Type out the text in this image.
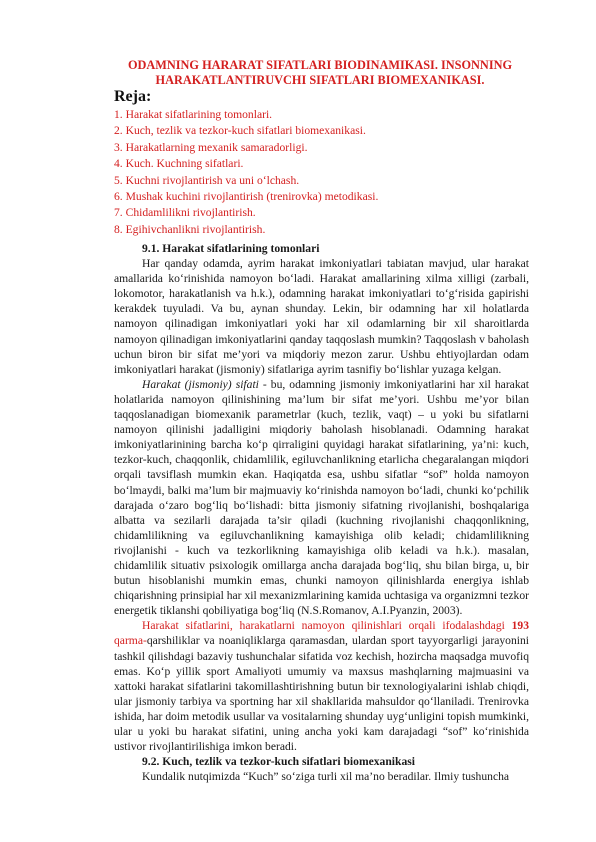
ODAMNING HARARAT SIFATLARI BIODINAMIKASI. INSONNING
HARAKATLANTIRUVCHI SIFATLARI BIOMEXANIKASI.
Reja:
1. Harakat sifatlarining tomonlari.
2. Kuch, tezlik va tezkor-kuch sifatlari biomexanikasi.
3. Harakatlarning mexanik samaradorligi.
4. Kuch. Kuchning sifatlari.
5. Kuchni rivojlantirish va uni o‘lchash.
6. Mushak kuchini rivojlantirish (trenirovka) metodikasi.
7. Chidamlilikni rivojlantirish.
8. Egihivchanlikni rivojlantirish.

9.1. Harakat sifatlarining tomonlari

Har qanday odamda, ayrim harakat imkoniyatlari tabiatan mavjud, ular harakat amallarida ko‘rinishida namoyon bo‘ladi. Harakat amallarining xilma xilligi (zarbali, lokomotor, harakatlanish va h.k.), odamning harakat imkoniyatlari to‘g‘risida gapirishi kerakdek tuyuladi. Va bu, aynan shunday. Lekin, bir odamning har xil holatlarda namoyon qilinadigan imkoniyatlari yoki har xil odamlarning bir xil sharoitlarda namoyon qilinadigan imkoniyatlarini qanday taqqoslash mumkin? Taqqoslash v baholash uchun biron bir sifat me’yori va miqdoriy mezon zarur. Ushbu ehtiyojlardan odam imkoniyatlari harakat (jismoniy) sifatlariga ayrim tasnifiy bo‘lishlar yuzaga kelgan.

Harakat (jismoniy) sifati - bu, odamning jismoniy imkoniyatlarini har xil harakat holatlarida namoyon qilinishining ma’lum bir sifat me’yori. Ushbu me’yor bilan taqqoslanadigan biomexanik parametrlar (kuch, tezlik, vaqt) – u yoki bu sifatlarni namoyon qilinishi jadalligini miqdoriy baholash hisoblanadi. Odamning harakat imkoniyatlarinining barcha ko‘p qirraligini quyidagi harakat sifatlarining, ya’ni: kuch, tezkor-kuch, chaqqonlik, chidamlilik, egiluvchanlikning etarlicha chegaralangan miqdori orqali tavsiflash mumkin ekan. Haqiqatda esa, ushbu sifatlar “sof” holda namoyon bo‘lmaydi, balki ma’lum bir majmuaviy ko‘rinishda namoyon bo‘ladi, chunki ko‘pchilik darajada o‘zaro bog‘liq bo‘lishadi: bitta jismoniy sifatning rivojlanishi, boshqalariga albatta va sezilarli darajada ta’sir qiladi (kuchning rivojlanishi chaqqonlikning, chidamlilikning va egiluvchanlikning kamayishiga olib keladi; chidamlilikning rivojlanishi - kuch va tezkorlikning kamayishiga olib keladi va h.k.). masalan, chidamlilik situativ psixologik omillarga ancha darajada bog‘liq, shu bilan birga, u, bir butun hisoblanishi mumkin emas, chunki namoyon qilinishlarda energiya ishlab chiqarishning prinsipial har xil mexanizmlarining kamida uchtasiga va organizmni tezkor energetik tiklanshi qobiliyatiga bog‘liq (N.S.Romanov, A.I.Pyanzin, 2003).

Harakat sifatlarini, harakatlarni namoyon qilinishlari orqali ifodalashdagi 193 qarma-qarshiliklar va noaniqliklarga qaramasdan, ulardan sport tayyorgarligi jarayonini tashkil qilishdagi bazaviy tushunchalar sifatida voz kechish, hozircha maqsadga muvofiq emas. Ko‘p yillik sport Amaliyoti umumiy va maxsus mashqlarning majmuasini va xattoki harakat sifatlarini takomillashtirishning butun bir texnologiyalarini ishlab chiqdi, ular jismoniy tarbiya va sportning har xil shakllarida mahsuldor qo‘llaniladi. Trenirovka ishida, har doim metodik usullar va vositalarning shunday uyg‘unligini topish mumkinki, ular u yoki bu harakat sifatini, uning ancha yoki kam darajadagi “sof” ko‘rinishida ustivor rivojlantirilishiga imkon beradi.

9.2. Kuch, tezlik va tezkor-kuch sifatlari biomexanikasi

Kundalik nutqimizda “Kuch” so‘ziga turli xil ma’no beradilar. Ilmiy tushuncha
